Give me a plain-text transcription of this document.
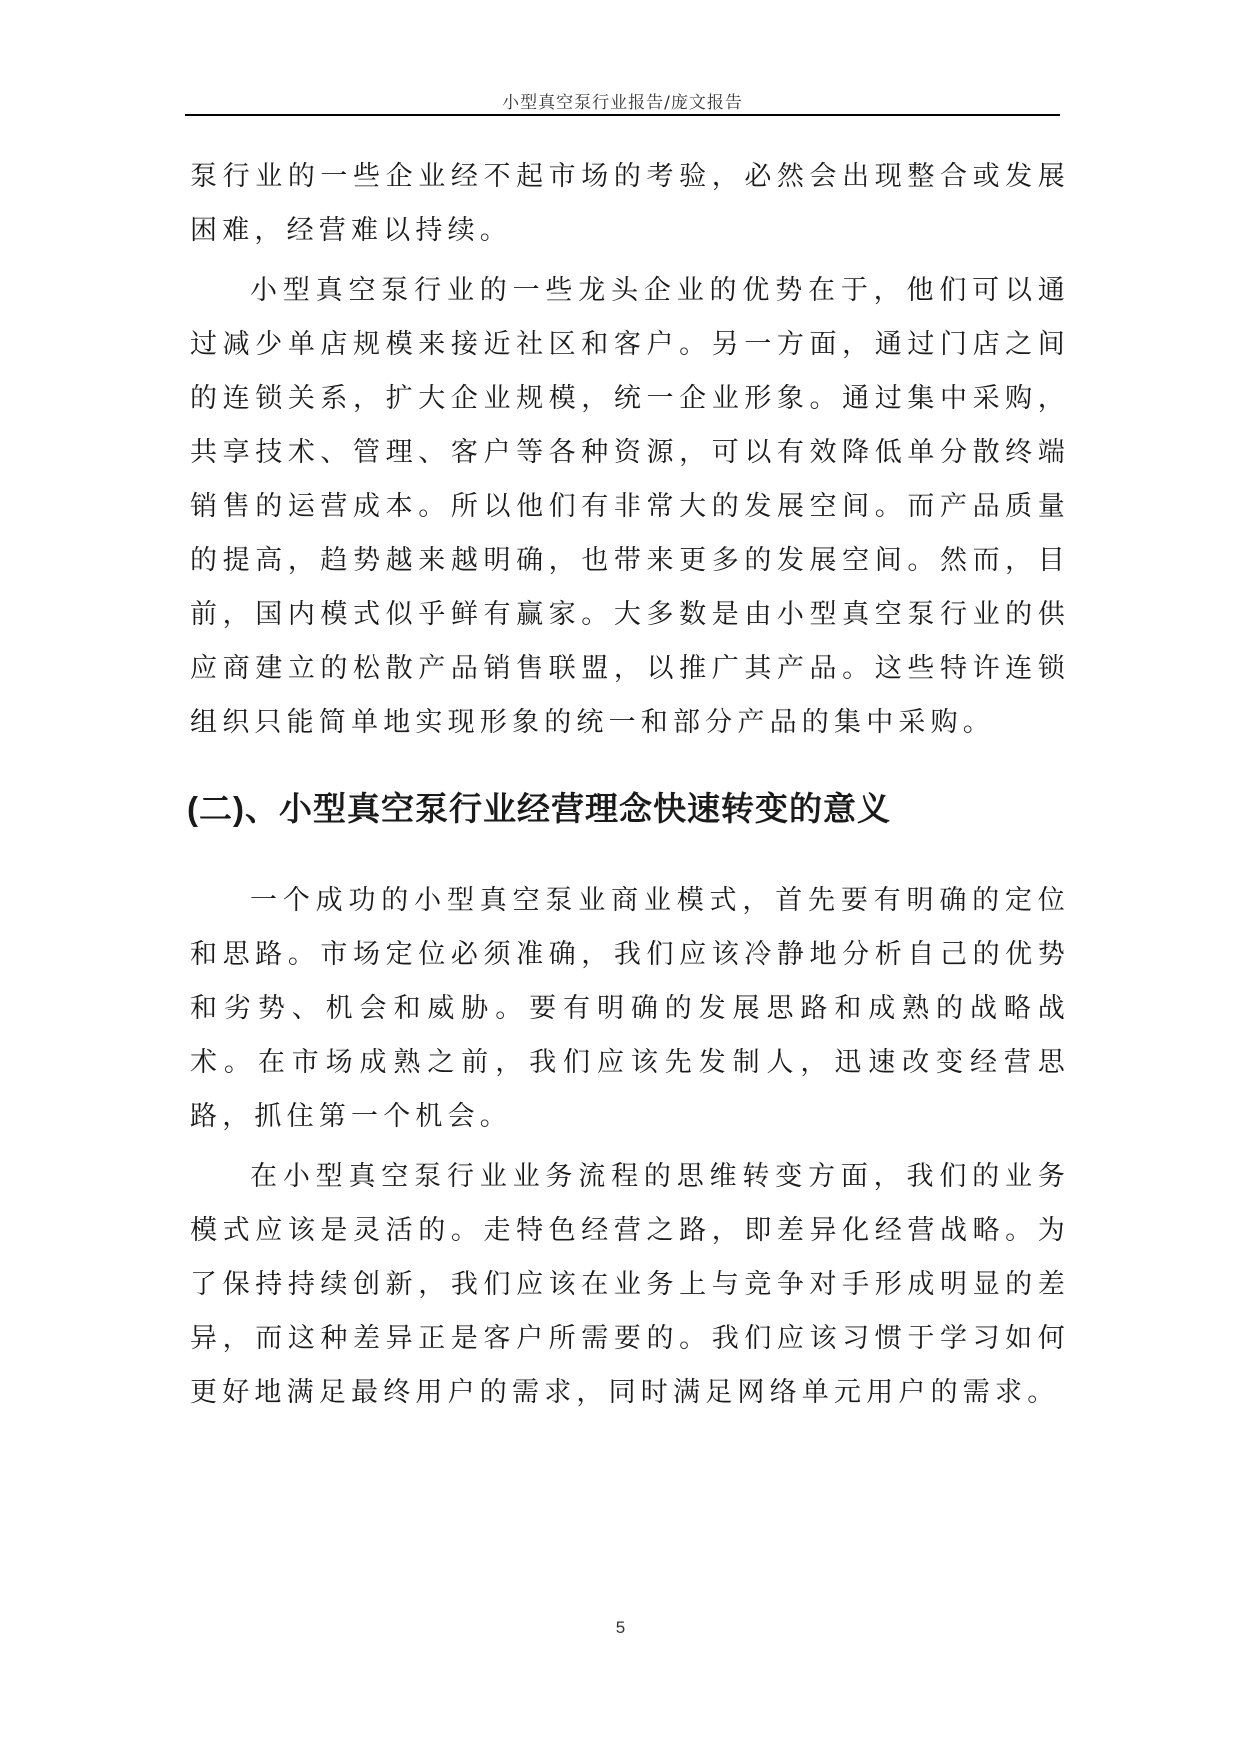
小型真空泵行业报告/庞文报告

泵行业的一些企业经不起市场的考验，必然会出现整合或发展困难，经营难以持续。

小型真空泵行业的一些龙头企业的优势在于，他们可以通过减少单店规模来接近社区和客户。另一方面，通过门店之间的连锁关系，扩大企业规模，统一企业形象。通过集中采购，共享技术、管理、客户等各种资源，可以有效降低单分散终端销售的运营成本。所以他们有非常大的发展空间。而产品质量的提高，趋势越来越明确，也带来更多的发展空间。然而，目前，国内模式似乎鲜有赢家。大多数是由小型真空泵行业的供应商建立的松散产品销售联盟，以推广其产品。这些特许连锁组织只能简单地实现形象的统一和部分产品的集中采购。

(二)、小型真空泵行业经营理念快速转变的意义

一个成功的小型真空泵业商业模式，首先要有明确的定位和思路。市场定位必须准确，我们应该冷静地分析自己的优势和劣势、机会和威胁。要有明确的发展思路和成熟的战略战术。在市场成熟之前，我们应该先发制人，迅速改变经营思路，抓住第一个机会。

在小型真空泵行业业务流程的思维转变方面，我们的业务模式应该是灵活的。走特色经营之路，即差异化经营战略。为了保持持续创新，我们应该在业务上与竞争对手形成明显的差异，而这种差异正是客户所需要的。我们应该习惯于学习如何更好地满足最终用户的需求，同时满足网络单元用户的需求。

5
